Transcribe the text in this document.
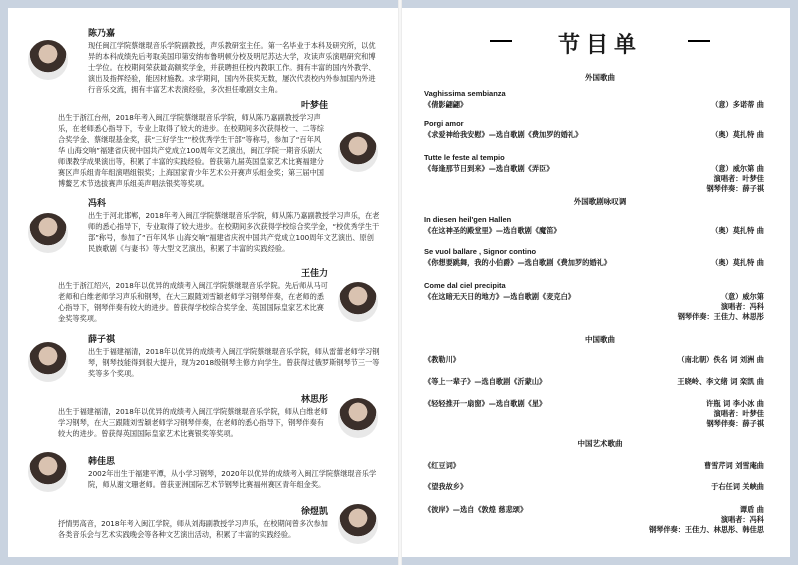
陈乃嘉
现任闽江学院蔡继琨音乐学院副教授，声乐教研室主任。第一名毕业于本科及研究所，以优异的本科成绩先后考取美国印第安纳布鲁明顿分校及明尼苏达大学，攻读声乐演唱研究和博士学位。在校期间荣获最高额奖学金，并获聘担任校内教职工作。拥有丰富的国内外教学、演出及指挥经验，能因材施教。求学期间，国内外获奖无数，屡次代表校内外参加国内外进行音乐交流，拥有丰富艺术表演经验，多次担任歌剧女主角。
叶梦佳
出生于浙江台州，2018年考入闽江学院蔡继琨音乐学院，师从陈乃嘉副教授学习声乐，在老师悉心指导下，专业上取得了较大的进步。在校期间多次获得校一、二等综合奖学金、蔡继琨基金奖，获“三好学生”“校优秀学生干部”等称号，参加了“百年风华 山海交响”福建省庆祝中国共产党成立100周年文艺演出，闽江学院一期音乐剧大师课教学成果演出等，积累了丰富的实践经验。曾获第九届英国皇家艺术比赛福建分赛区声乐组青年组演唱组银奖；上海国家青少年艺术公开赛声乐组金奖；第三届中国博鳌艺术节选拔赛声乐组美声唱法银奖等奖项。
冯科
出生于河北邯郸，2018年考入闽江学院蔡继琨音乐学院，师从陈乃嘉副教授学习声乐，在老师的悉心指导下，专业取得了较大进步。在校期间多次获得学校综合奖学金，“校优秀学生干部”称号，参加了“百年风华 山海交响”福建省庆祝中国共产党成立100周年文艺演出、原创民族歌剧《与妻书》等大型文艺演出，积累了丰富的实践经验。
王佳力
出生于浙江绍兴，2018年以优异的成绩考入闽江学院蔡继琨音乐学院。先后师从马可老师和白维老师学习声乐和钢琴，在大三跟随刘雪颖老师学习钢琴伴奏，在老师的悉心指导下，钢琴伴奏有较大的进步。曾获得学校综合奖学金、英国国际皇家艺术比赛金奖等奖项。
薛子祺
出生于福建福清，2018年以优异的成绩考入闽江学院蔡继琨音乐学院，师从雷蕾老师学习钢琴，钢琴技能得到很大提升，现为2018级钢琴主修方向学生。曾获得过俄罗斯钢琴节三一等奖等多个奖项。
林思彤
出生于福建福清，2018年以优异的成绩考入闽江学院蔡继琨音乐学院，师从白维老师学习钢琴，在大三跟随刘雪颖老师学习钢琴伴奏，在老师的悉心指导下，钢琴伴奏有较大的进步。曾获得英国国际皇家艺术比赛银奖等奖项。
韩佳思
2002年出生于福建平潭，从小学习钢琴，2020年以优异的成绩考入闽江学院蔡继琨音乐学院，师从谢文珊老师。曾获亚洲国际艺术节钢琴比赛福州赛区青年组金奖。
徐煜凯
抒情男高音，2018年考入闽江学院，师从刘海副教授学习声乐，在校期间曾多次参加各类音乐会与艺术实践晚会等各种文艺演出活动，积累了丰富的实践经验。
节目单
外国歌曲
Vaghissima sembianza
《倩影翩翩》	（意）多诺蒂 曲
Porgi amor
《求爱神给我安慰》—选自歌剧《费加罗的婚礼》	（奥）莫扎特 曲
Tutte le feste al tempio
《每逢那节日到来》—选自歌剧《弄臣》	（意）威尔第 曲
演唱者：叶梦佳
钢琴伴奏：薛子祺
外国歌剧咏叹调
In diesen heil'gen Hallen
《在这神圣的殿堂里》—选自歌剧《魔笛》	（奥）莫扎特 曲
Se vuol ballare , Signor contino
《你想要跳舞，我的小伯爵》—选自歌剧《费加罗的婚礼》	（奥）莫扎特 曲
Come dal ciel precipita
《在这暗无天日的地方》—选自歌剧《麦克白》	（意）威尔第
演唱者：冯科
钢琴伴奏：王佳力、林思彤
中国歌曲
《教勒川》	（南北朝）佚名 词 刘洲 曲
《等上一辈子》—选自歌剧《沂蒙山》	王晓岭、李文绪 词 栾凯 曲
《轻轻推开一扇窗》—选自歌剧《星》	许瓶 词 李小冰 曲
演唱者：叶梦佳
钢琴伴奏：薛子祺
中国艺术歌曲
《红豆词》	曹雪芹词 刘雪庵曲
《望我故乡》	于右任词 关峡曲
《彼岸》—选自《敦煌 慈悲颂》	谭盾 曲
演唱者：冯科
钢琴伴奏：王佳力、林思彤、韩佳思
